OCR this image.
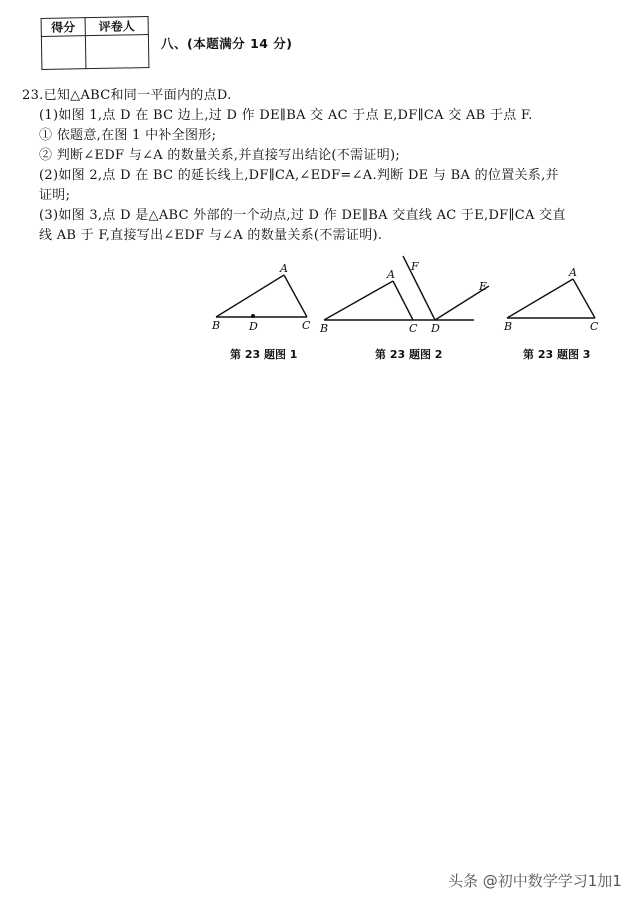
得分	评卷人

八、(本题满分 14 分)
23.已知△ABC和同一平面内的点D.
(1)如图 1,点 D 在 BC 边上,过 D 作 DE∥BA 交 AC 于点 E,DF∥CA 交 AB 于点 F.
① 依题意,在图 1 中补全图形;
② 判断∠EDF 与∠A 的数量关系,并直接写出结论(不需证明);
(2)如图 2,点 D 在 BC 的延长线上,DF∥CA,∠EDF=∠A.判断 DE 与 BA 的位置关系,并
证明;
(3)如图 3,点 D 是△ABC 外部的一个动点,过 D 作 DE∥BA 交直线 AC 于E,DF∥CA 交直
线 AB 于 F,直接写出∠EDF 与∠A 的数量关系(不需证明).
A
B	C
D
第 23 题图 1
A
B	C D
E
F
第 23 题图 2
A
B	C
第 23 题图 3
头条 @初中数学学习1加1
